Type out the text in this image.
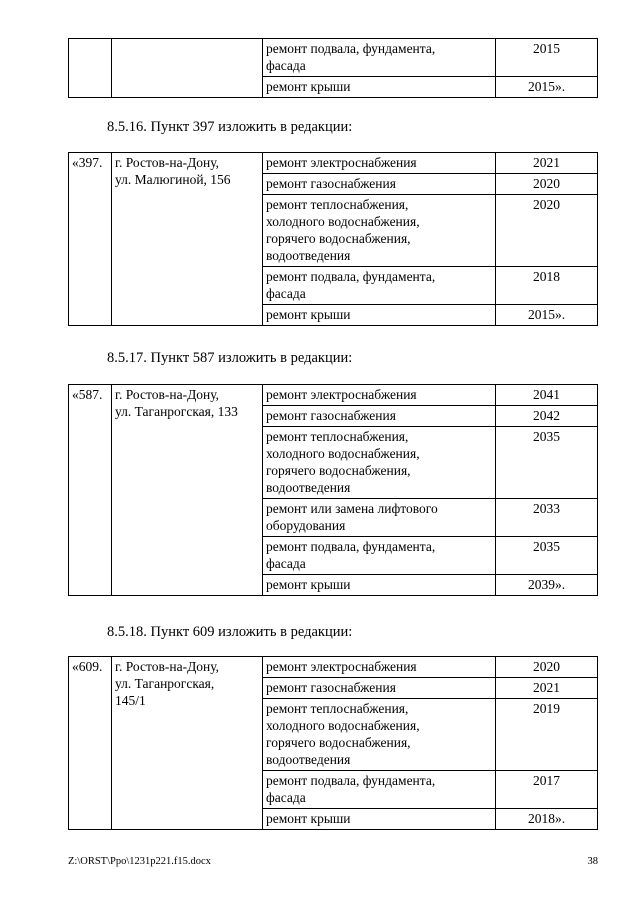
		ремонт подвала, фундамента,
фасада	2015
		ремонт крыши	2015».
8.5.16. Пункт 397 изложить в редакции:
«397.	г. Ростов-на-Дону,
ул. Малюгиной, 156	ремонт электроснабжения	2021
		ремонт газоснабжения	2020
		ремонт теплоснабжения,
холодного водоснабжения,
горячего водоснабжения,
водоотведения	2020
		ремонт подвала, фундамента,
фасада	2018
		ремонт крыши	2015».
8.5.17. Пункт 587 изложить в редакции:
«587.	г. Ростов-на-Дону,
ул. Таганрогская, 133	ремонт электроснабжения	2041
		ремонт газоснабжения	2042
		ремонт теплоснабжения,
холодного водоснабжения,
горячего водоснабжения,
водоотведения	2035
		ремонт или замена лифтового
оборудования	2033
		ремонт подвала, фундамента,
фасада	2035
		ремонт крыши	2039».
8.5.18. Пункт 609 изложить в редакции:
«609.	г. Ростов-на-Дону,
ул. Таганрогская,
145/1	ремонт электроснабжения	2020
		ремонт газоснабжения	2021
		ремонт теплоснабжения,
холодного водоснабжения,
горячего водоснабжения,
водоотведения	2019
		ремонт подвала, фундамента,
фасада	2017
		ремонт крыши	2018».
Z:\ORST\Ppo\1231p221.f15.docx	38
